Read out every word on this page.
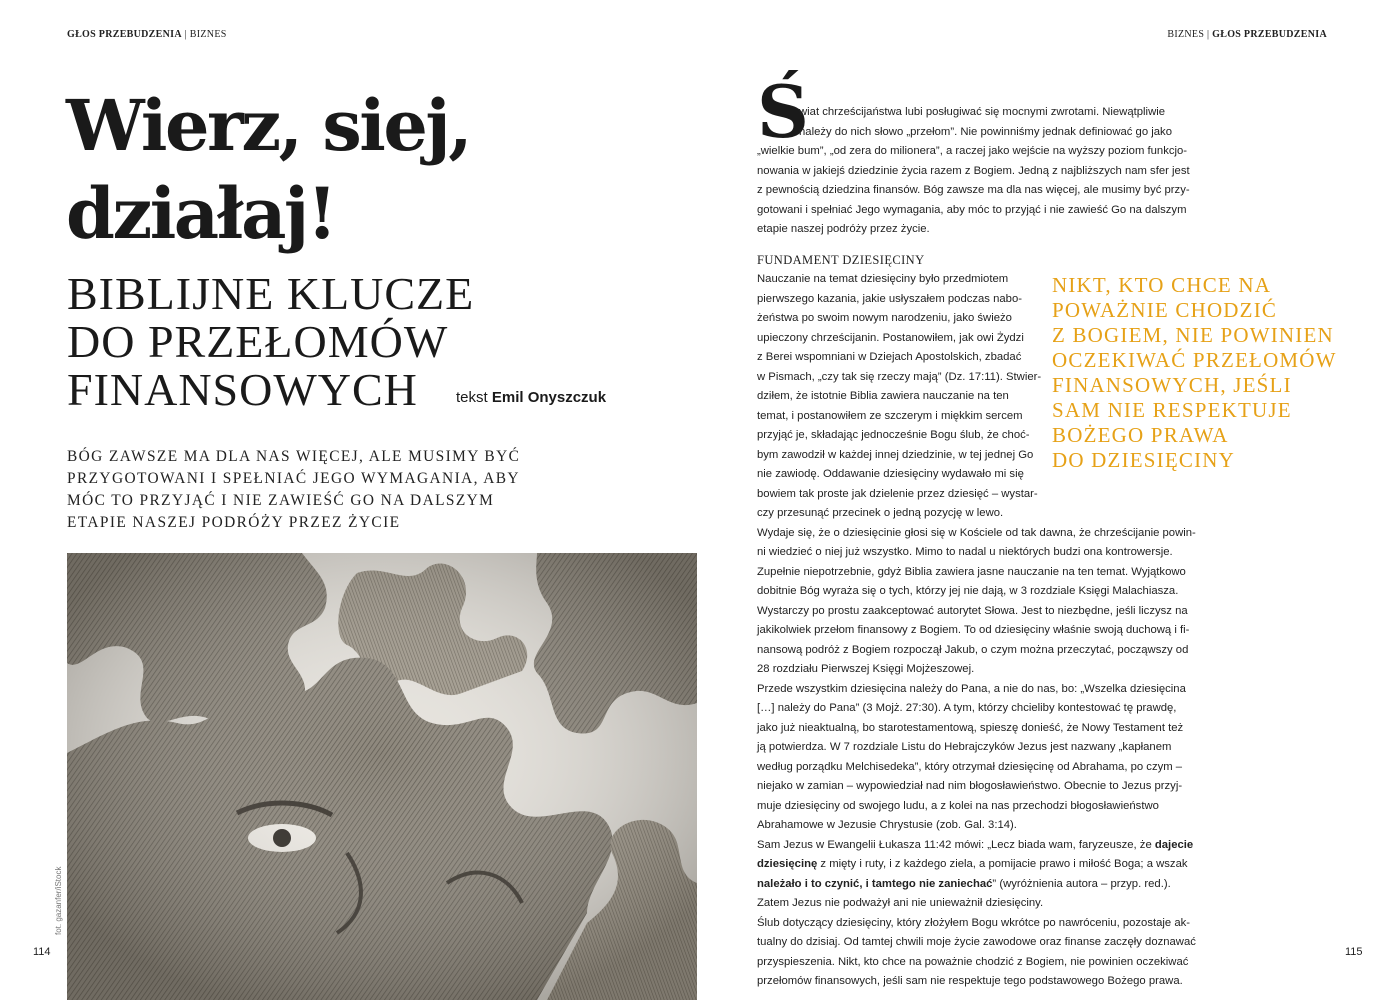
GŁOS PRZEBUDZENIA | BIZNES	BIZNES | GŁOS PRZEBUDZENIA
Wierz, siej,
działaj!
BIBLIJNE KLUCZE
DO PRZEŁOMÓW
FINANSOWYCH	tekst Emil Onyszczuk
BÓG ZAWSZE MA DLA NAS WIĘCEJ, ALE MUSIMY BYĆ
PRZYGOTOWANI I SPEŁNIAĆ JEGO WYMAGANIA, ABY
MÓC TO PRZYJĄĆ I NIE ZAWIEŚĆ GO NA DALSZYM
ETAPIE NASZEJ PODRÓŻY PRZEZ ŻYCIE
fot. gazanfer/iStock
Ś
wiat chrześcijaństwa lubi posługiwać się mocnymi zwrotami. Niewątpliwie
należy do nich słowo „przełom”. Nie powinniśmy jednak definiować go jako
„wielkie bum”, „od zera do milionera”, a raczej jako wejście na wyższy poziom funkcjo-
nowania w jakiejś dziedzinie życia razem z Bogiem. Jedną z najbliższych nam sfer jest
z pewnością dziedzina finansów. Bóg zawsze ma dla nas więcej, ale musimy być przy-
gotowani i spełniać Jego wymagania, aby móc to przyjąć i nie zawieść Go na dalszym
etapie naszej podróży przez życie.
FUNDAMENT DZIESIĘCINY
Nauczanie na temat dziesięciny było przedmiotem
pierwszego kazania, jakie usłyszałem podczas nabo-
żeństwa po swoim nowym narodzeniu, jako świeżo
upieczony chrześcijanin. Postanowiłem, jak owi Żydzi
z Berei wspomniani w Dziejach Apostolskich, zbadać
w Pismach, „czy tak się rzeczy mają” (Dz. 17:11). Stwier-
dziłem, że istotnie Biblia zawiera nauczanie na ten
temat, i postanowiłem ze szczerym i miękkim sercem
przyjąć je, składając jednocześnie Bogu ślub, że choć-
bym zawodził w każdej innej dziedzinie, w tej jednej Go
nie zawiodę. Oddawanie dziesięciny wydawało mi się
bowiem tak proste jak dzielenie przez dziesięć – wystar-
czy przesunąć przecinek o jedną pozycję w lewo.
Wydaje się, że o dziesięcinie głosi się w Kościele od tak dawna, że chrześcijanie powin-
ni wiedzieć o niej już wszystko. Mimo to nadal u niektórych budzi ona kontrowersje.
Zupełnie niepotrzebnie, gdyż Biblia zawiera jasne nauczanie na ten temat. Wyjątkowo
dobitnie Bóg wyraża się o tych, którzy jej nie dają, w 3 rozdziale Księgi Malachiasza.
Wystarczy po prostu zaakceptować autorytet Słowa. Jest to niezbędne, jeśli liczysz na
jakikolwiek przełom finansowy z Bogiem. To od dziesięciny właśnie swoją duchową i fi-
nansową podróż z Bogiem rozpoczął Jakub, o czym można przeczytać, począwszy od
28 rozdziału Pierwszej Księgi Mojżeszowej.
Przede wszystkim dziesięcina należy do Pana, a nie do nas, bo: „Wszelka dziesięcina
[…] należy do Pana” (3 Mojż. 27:30). A tym, którzy chcieliby kontestować tę prawdę,
jako już nieaktualną, bo starotestamentową, spieszę donieść, że Nowy Testament też
ją potwierdza. W 7 rozdziale Listu do Hebrajczyków Jezus jest nazwany „kapłanem
według porządku Melchisedeka”, który otrzymał dziesięcinę od Abrahama, po czym –
niejako w zamian – wypowiedział nad nim błogosławieństwo. Obecnie to Jezus przyj-
muje dziesięciny od swojego ludu, a z kolei na nas przechodzi błogosławieństwo
Abrahamowe w Jezusie Chrystusie (zob. Gal. 3:14).
Sam Jezus w Ewangelii Łukasza 11:42 mówi: „Lecz biada wam, faryzeusze, że dajecie
dziesięcinę z mięty i ruty, i z każdego ziela, a pomijacie prawo i miłość Boga; a wszak
należało i to czynić, i tamtego nie zaniechać” (wyróżnienia autora – przyp. red.).
Zatem Jezus nie podważył ani nie unieważnił dziesięciny.
Ślub dotyczący dziesięciny, który złożyłem Bogu wkrótce po nawróceniu, pozostaje ak-
tualny do dzisiaj. Od tamtej chwili moje życie zawodowe oraz finanse zaczęły doznawać
przyspieszenia. Nikt, kto chce na poważnie chodzić z Bogiem, nie powinien oczekiwać
przełomów finansowych, jeśli sam nie respektuje tego podstawowego Bożego prawa.
NIKT, KTO CHCE NA
POWAŻNIE CHODZIĆ
Z BOGIEM, NIE POWINIEN
OCZEKIWAĆ PRZEŁOMÓW
FINANSOWYCH, JEŚLI
SAM NIE RESPEKTUJE
BOŻEGO PRAWA
DO DZIESIĘCINY
114	115
